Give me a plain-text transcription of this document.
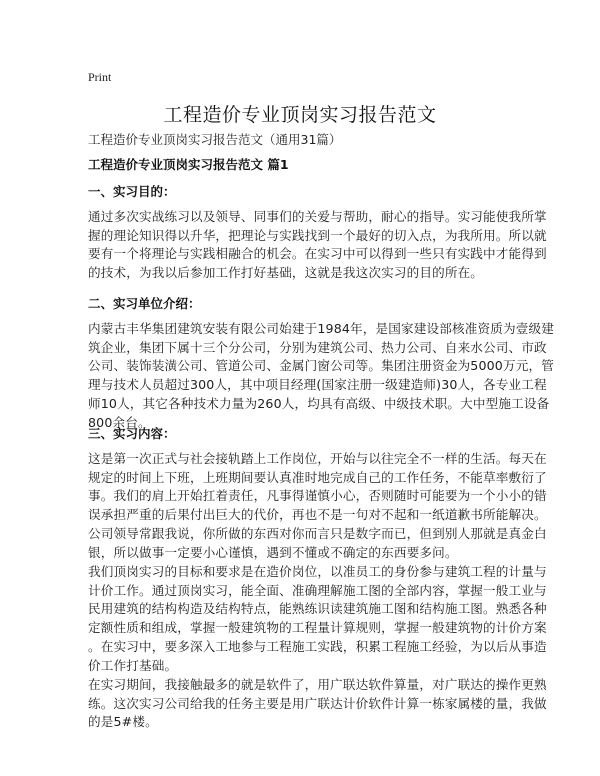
Print
工程造价专业顶岗实习报告范文
工程造价专业顶岗实习报告范文（通用31篇）
工程造价专业顶岗实习报告范文 篇1
一、实习目的：
通过多次实战练习以及领导、同事们的关爱与帮助，耐心的指导。实习能使我所掌
握的理论知识得以升华，把理论与实践找到一个最好的切入点，为我所用。所以就
要有一个将理论与实践相融合的机会。在实习中可以得到一些只有实践中才能得到
的技术，为我以后参加工作打好基础，这就是我这次实习的目的所在。
二、实习单位介绍：
内蒙古丰华集团建筑安装有限公司始建于1984年，是国家建设部核准资质为壹级建
筑企业，集团下属十三个分公司，分别为建筑公司、热力公司、自来水公司、市政
公司、装饰装潢公司、管道公司、金属门窗公司等。集团注册资金为5000万元，管
理与技术人员超过300人，其中项目经理(国家注册一级建造师)30人，各专业工程
师10人，其它各种技术力量为260人，均具有高级、中级技术职。大中型施工设备
800余台。
三、实习内容：
这是第一次正式与社会接轨踏上工作岗位，开始与以往完全不一样的生活。每天在
规定的时间上下班，上班期间要认真准时地完成自己的工作任务，不能草率敷衍了
事。我们的肩上开始扛着责任，凡事得谨慎小心，否则随时可能要为一个小小的错
误承担严重的后果付出巨大的代价，再也不是一句对不起和一纸道歉书所能解决。
公司领导常跟我说，你所做的东西对你而言只是数字而已，但到别人那就是真金白
银，所以做事一定要小心谨慎，遇到不懂或不确定的东西要多问。
我们顶岗实习的目标和要求是在造价岗位，以准员工的身份参与建筑工程的计量与
计价工作。通过顶岗实习，能全面、准确理解施工图的全部内容，掌握一般工业与
民用建筑的结构构造及结构特点，能熟练识读建筑施工图和结构施工图。熟悉各种
定额性质和组成，掌握一般建筑物的工程量计算规则，掌握一般建筑物的计价方案
。在实习中，要多深入工地参与工程施工实践，积累工程施工经验，为以后从事造
价工作打基础。
在实习期间，我接触最多的就是软件了，用广联达软件算量，对广联达的操作更熟
练。这次实习公司给我的任务主要是用广联达计价软件计算一栋家属楼的量，我做
的是5#楼。
